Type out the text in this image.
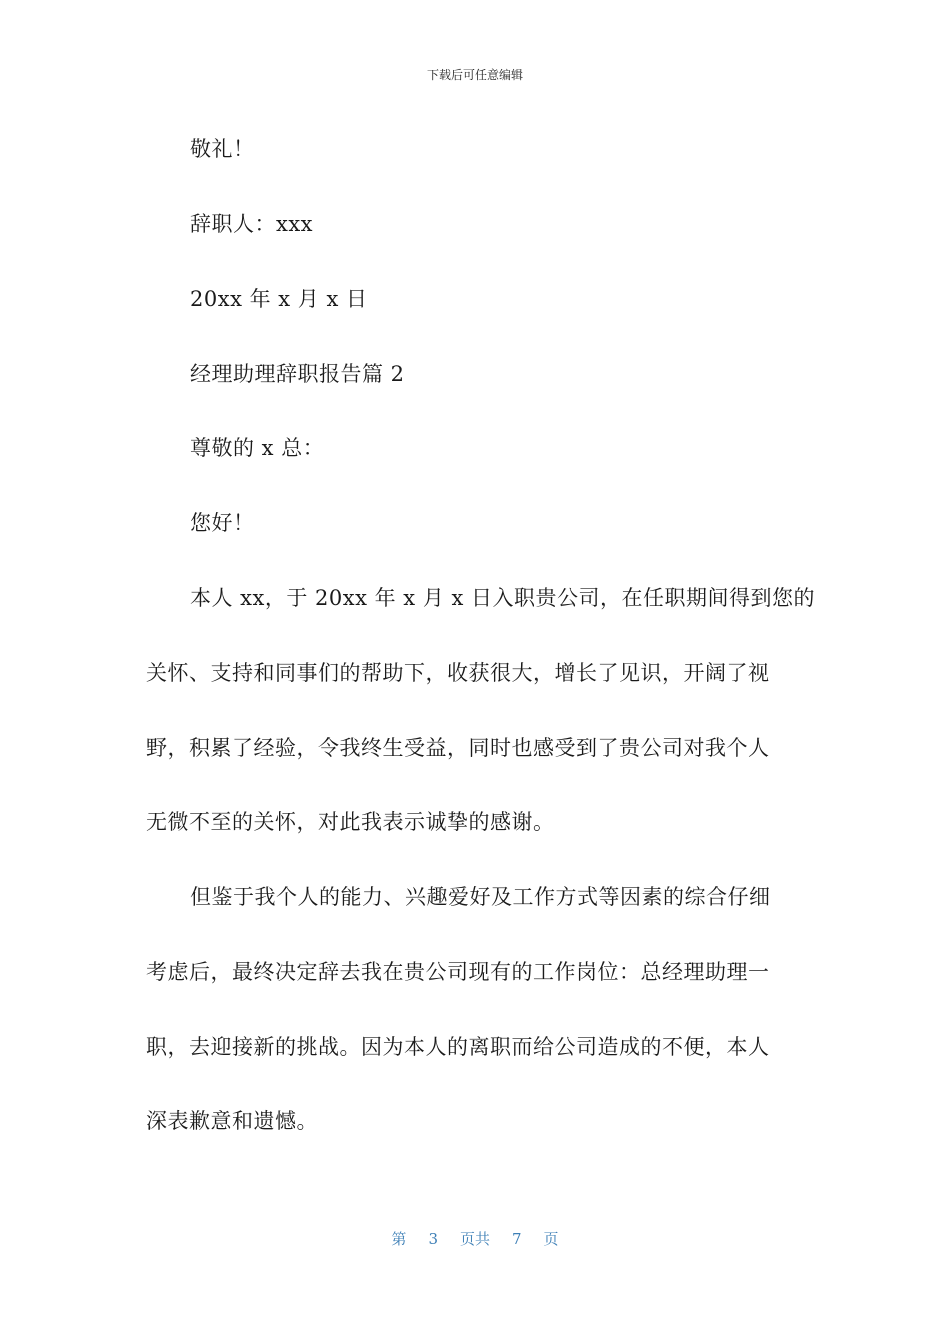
下载后可任意编辑
敬礼！
辞职人：xxx
20xx 年 x 月 x 日
经理助理辞职报告篇 2
尊敬的 x 总：
您好！
本人 xx，于 20xx 年 x 月 x 日入职贵公司，在任职期间得到您的
关怀、支持和同事们的帮助下，收获很大，增长了见识，开阔了视
野，积累了经验，令我终生受益，同时也感受到了贵公司对我个人
无微不至的关怀，对此我表示诚挚的感谢。
但鉴于我个人的能力、兴趣爱好及工作方式等因素的综合仔细
考虑后，最终决定辞去我在贵公司现有的工作岗位：总经理助理一
职，去迎接新的挑战。因为本人的离职而给公司造成的不便，本人
深表歉意和遗憾。
第 3 页共 7 页
